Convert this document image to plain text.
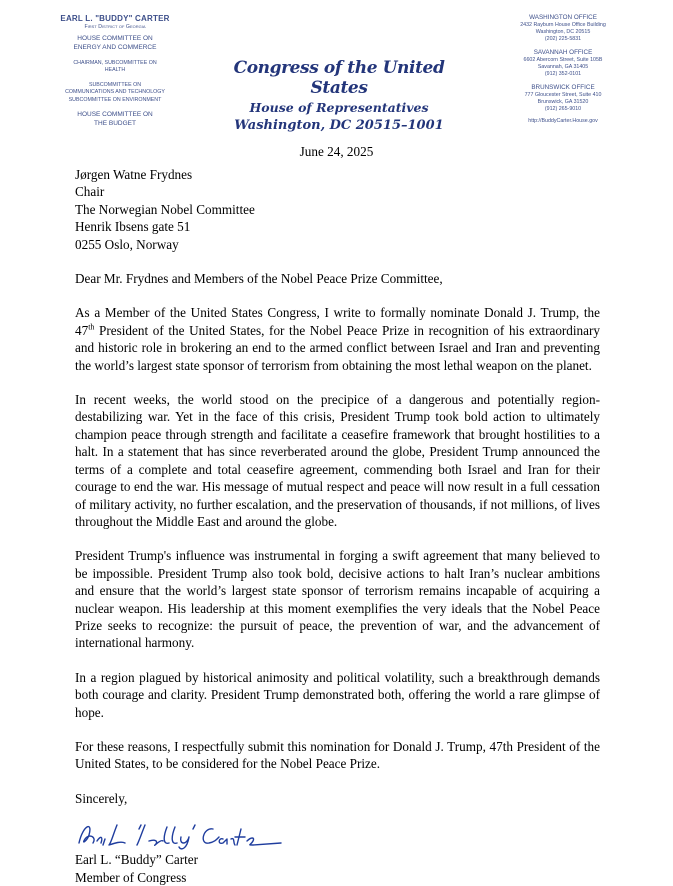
EARL L. "BUDDY" CARTER
First District of Georgia
HOUSE COMMITTEE ON
ENERGY AND COMMERCE
CHAIRMAN, SUBCOMMITTEE ON
HEALTH
SUBCOMMITTEE ON
COMMUNICATIONS AND TECHNOLOGY
SUBCOMMITTEE ON ENVIRONMENT
HOUSE COMMITTEE ON
THE BUDGET
Congress of the United States
House of Representatives
Washington, DC 20515–1001
WASHINGTON OFFICE
2432 Rayburn House Office Building
Washington, DC 20515
(202) 225-5831
SAVANNAH OFFICE
6602 Abercorn Street, Suite 105B
Savannah, GA 31405
(912) 352-0101
BRUNSWICK OFFICE
777 Gloucester Street, Suite 410
Brunswick, GA 31520
(912) 265-9010
http://BuddyCarter.House.gov
June 24, 2025
Jørgen Watne Frydnes
Chair
The Norwegian Nobel Committee
Henrik Ibsens gate 51
0255 Oslo, Norway
Dear Mr. Frydnes and Members of the Nobel Peace Prize Committee,

As a Member of the United States Congress, I write to formally nominate Donald J. Trump, the 47th President of the United States, for the Nobel Peace Prize in recognition of his extraordinary and historic role in brokering an end to the armed conflict between Israel and Iran and preventing the world’s largest state sponsor of terrorism from obtaining the most lethal weapon on the planet.

In recent weeks, the world stood on the precipice of a dangerous and potentially region-destabilizing war. Yet in the face of this crisis, President Trump took bold action to ultimately champion peace through strength and facilitate a ceasefire framework that brought hostilities to a halt. In a statement that has since reverberated around the globe, President Trump announced the terms of a complete and total ceasefire agreement, commending both Israel and Iran for their courage to end the war. His message of mutual respect and peace will now result in a full cessation of military activity, no further escalation, and the preservation of thousands, if not millions, of lives throughout the Middle East and around the globe.

President Trump's influence was instrumental in forging a swift agreement that many believed to be impossible. President Trump also took bold, decisive actions to halt Iran’s nuclear ambitions and ensure that the world’s largest state sponsor of terrorism remains incapable of acquiring a nuclear weapon. His leadership at this moment exemplifies the very ideals that the Nobel Peace Prize seeks to recognize: the pursuit of peace, the prevention of war, and the advancement of international harmony.

In a region plagued by historical animosity and political volatility, such a breakthrough demands both courage and clarity. President Trump demonstrated both, offering the world a rare glimpse of hope.

For these reasons, I respectfully submit this nomination for Donald J. Trump, 47th President of the United States, to be considered for the Nobel Peace Prize.

Sincerely,
Earl L. “Buddy” Carter
Member of Congress
